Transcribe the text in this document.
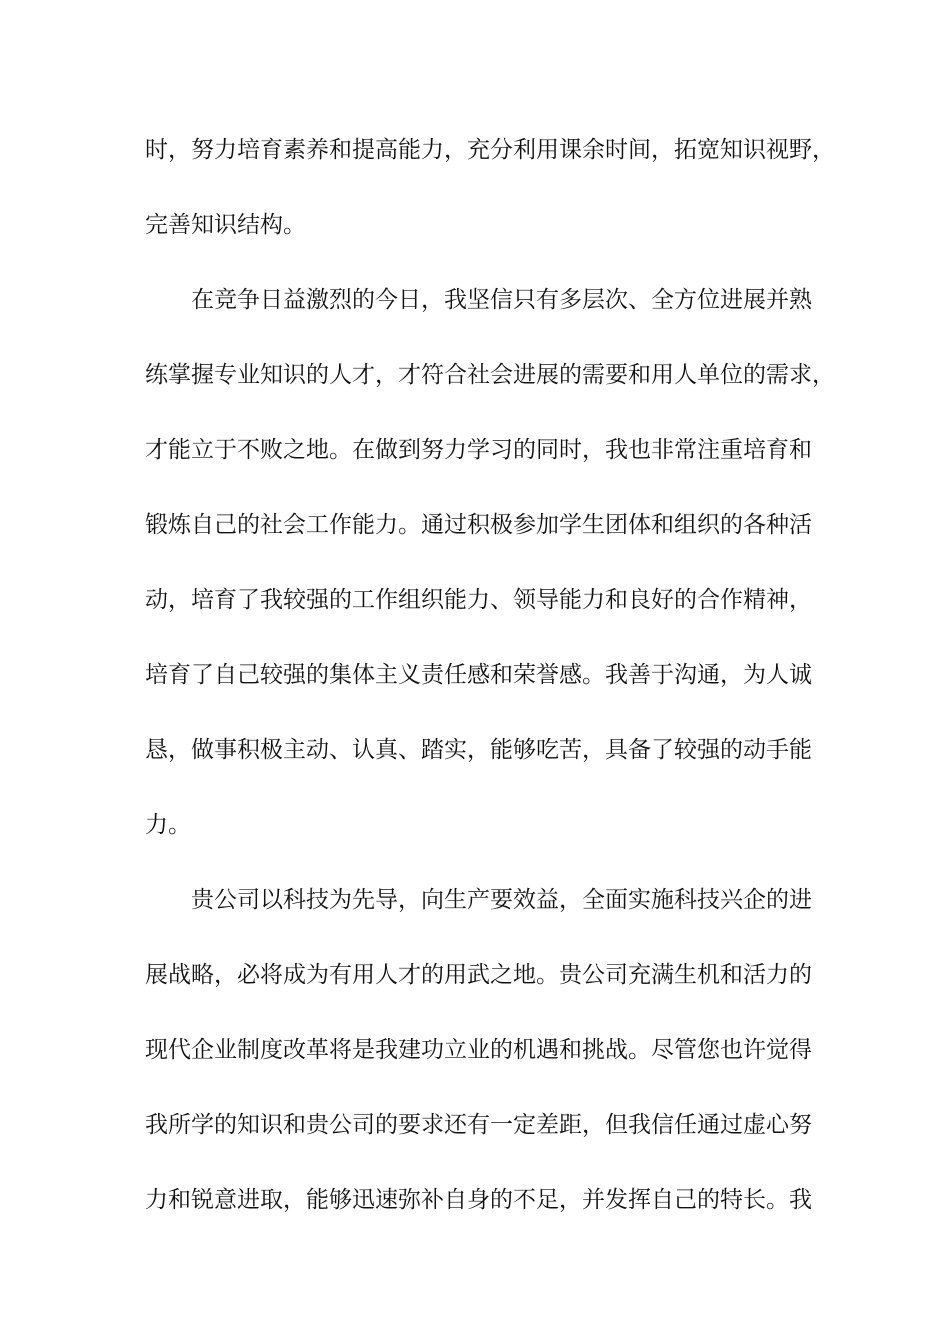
时，努力培育素养和提高能力，充分利用课余时间，拓宽知识视野，
完善知识结构。
在竞争日益激烈的今日，我坚信只有多层次、全方位进展并熟
练掌握专业知识的人才，才符合社会进展的需要和用人单位的需求，
才能立于不败之地。在做到努力学习的同时，我也非常注重培育和
锻炼自己的社会工作能力。通过积极参加学生团体和组织的各种活
动，培育了我较强的工作组织能力、领导能力和良好的合作精神，
培育了自己较强的集体主义责任感和荣誉感。我善于沟通，为人诚
恳，做事积极主动、认真、踏实，能够吃苦，具备了较强的动手能
力。
贵公司以科技为先导，向生产要效益，全面实施科技兴企的进
展战略，必将成为有用人才的用武之地。贵公司充满生机和活力的
现代企业制度改革将是我建功立业的机遇和挑战。尽管您也许觉得
我所学的知识和贵公司的要求还有一定差距，但我信任通过虚心努
力和锐意进取，能够迅速弥补自身的不足，并发挥自己的特长。我
